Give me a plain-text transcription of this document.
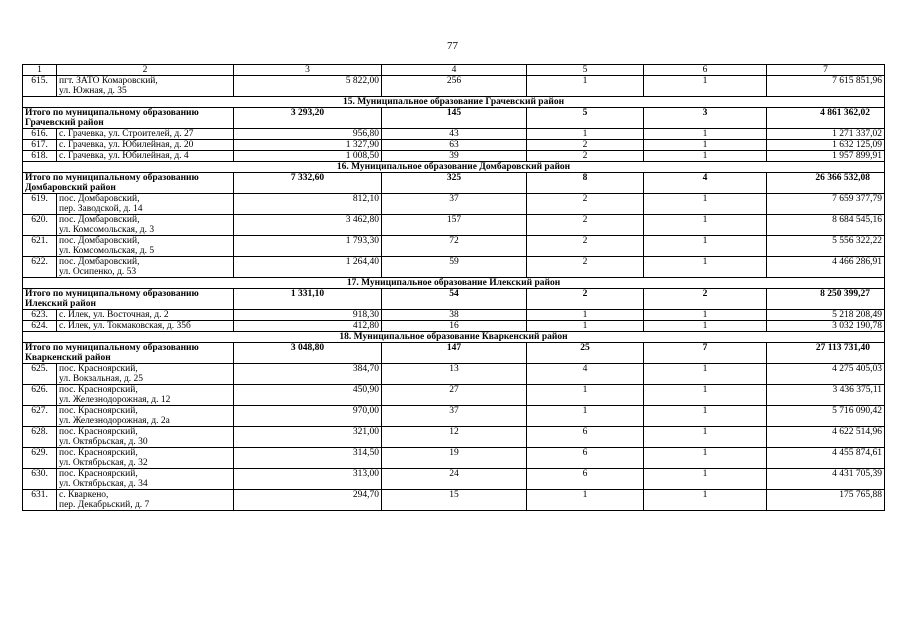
77
1	2	3	4	5	6	7
615.	пгт. ЗАТО Комаровский,
ул. Южная, д. 35	5 822,00	256	1	1	7 615 851,96
15. Муниципальное образование Грачевский район						

Итого по муниципальному образованию
Грачевский район		3 293,20	145	5	3	4 861 362,02
616.	с. Грачевка, ул. Строителей, д. 27	956,80	43	1	1	1 271 337,02
617.	с. Грачевка, ул. Юбилейная, д. 20	1 327,90	63	2	1	1 632 125,09
618.	с. Грачевка, ул. Юбилейная, д. 4	1 008,50	39	2	1	1 957 899,91
16. Муниципальное образование Домбаровский район						

Итого по муниципальному образованию
Домбаровский район		7 332,60	325	8	4	26 366 532,08
619.	пос. Домбаровский,
пер. Заводской, д. 14	812,10	37	2	1	7 659 377,79
620.	пос. Домбаровский,
ул. Комсомольская, д. 3	3 462,80	157	2	1	8 684 545,16
621.	пос. Домбаровский,
ул. Комсомольская, д. 5	1 793,30	72	2	1	5 556 322,22
622.	пос. Домбаровский,
ул. Осипенко, д. 53	1 264,40	59	2	1	4 466 286,91
17. Муниципальное образование Илекский район						

Итого по муниципальному образованию
Илекский район		1 331,10	54	2	2	8 250 399,27
623.	с. Илек, ул. Восточная, д. 2	918,30	38	1	1	5 218 208,49
624.	с. Илек, ул. Токмаковская, д. 35б	412,80	16	1	1	3 032 190,78
18. Муниципальное образование Кваркенский район						

Итого по муниципальному образованию
Кваркенский район		3 048,80	147	25	7	27 113 731,40
625.	пос. Красноярский,
ул. Вокзальная, д. 25	384,70	13	4	1	4 275 405,03
626.	пос. Красноярский,
ул. Железнодорожная, д. 12	450,90	27	1	1	3 436 375,11
627.	пос. Красноярский,
ул. Железнодорожная, д. 2а	970,00	37	1	1	5 716 090,42
628.	пос. Красноярский,
ул. Октябрьская, д. 30	321,00	12	6	1	4 622 514,96
629.	пос. Красноярский,
ул. Октябрьская, д. 32	314,50	19	6	1	4 455 874,61
630.	пос. Красноярский,
ул. Октябрьская, д. 34	313,00	24	6	1	4 431 705,39
631.	с. Кваркено,
пер. Декабрьский, д. 7	294,70	15	1	1	175 765,88
